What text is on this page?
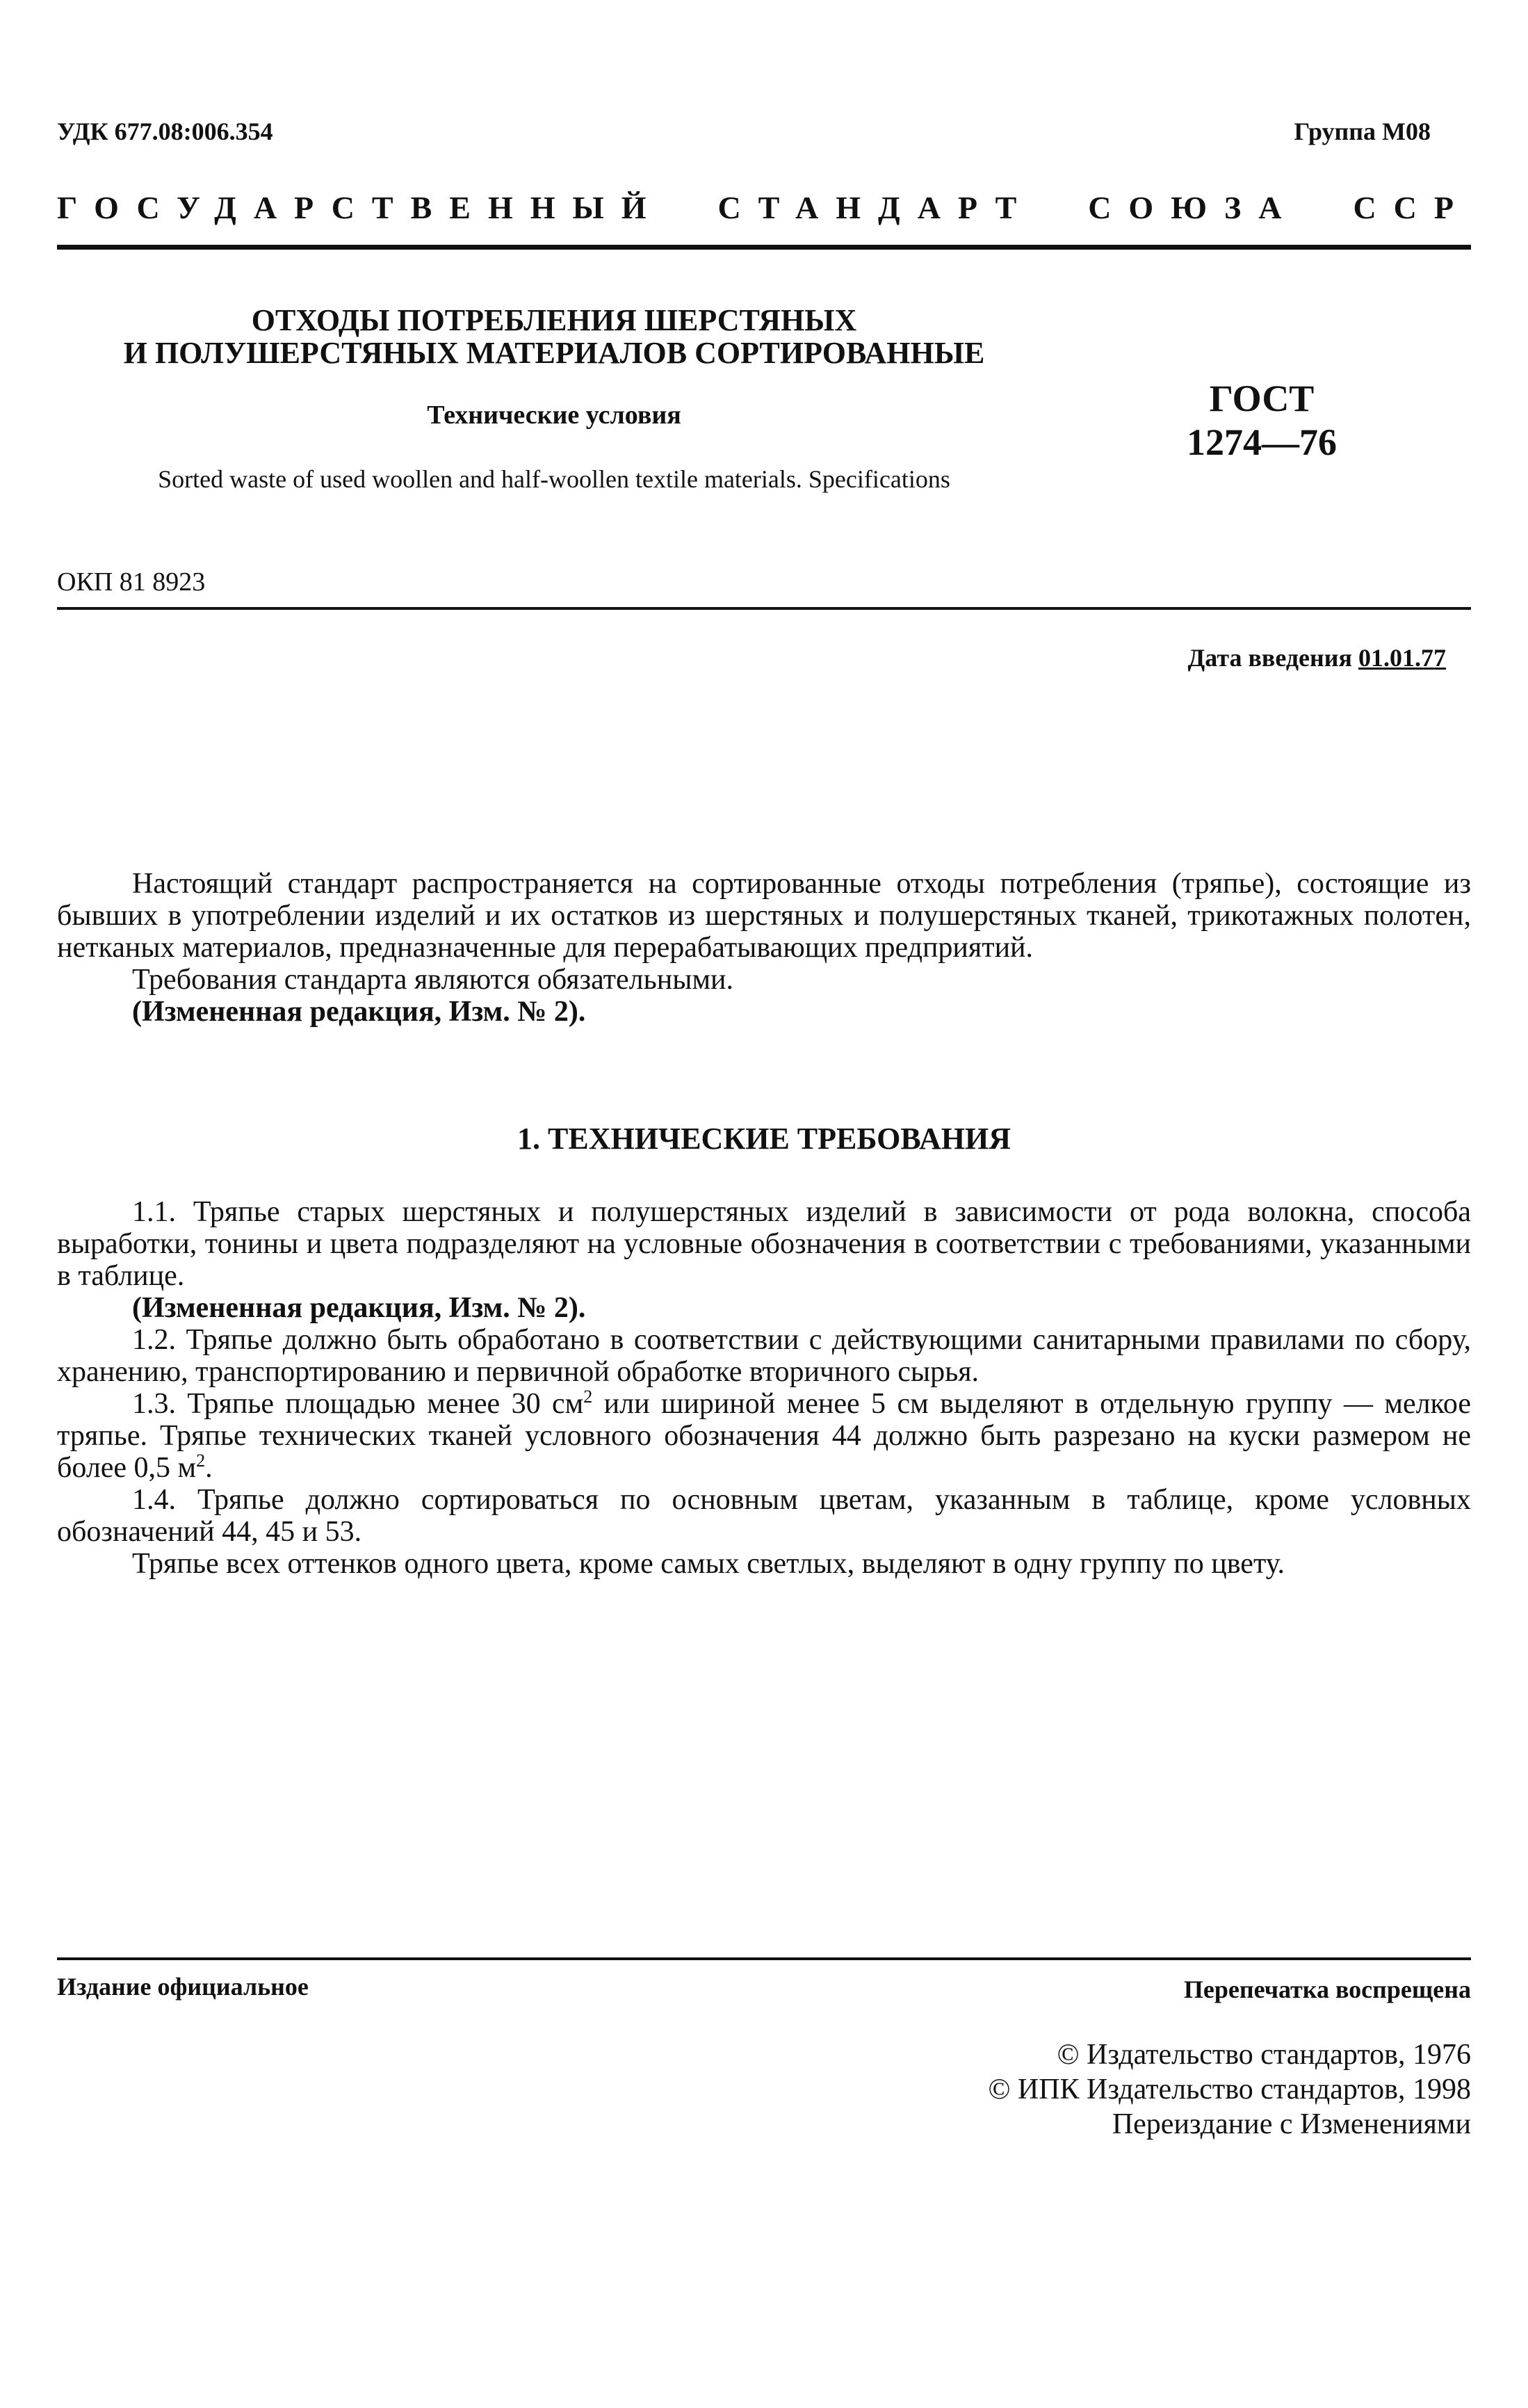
УДК 677.08:006.354	Группа М08
ГОСУДАРСТВЕННЫЙ СТАНДАРТ СОЮЗА ССР
ОТХОДЫ ПОТРЕБЛЕНИЯ ШЕРСТЯНЫХ
И ПОЛУШЕРСТЯНЫХ МАТЕРИАЛОВ СОРТИРОВАННЫЕ
Технические условия
Sorted waste of used woollen and half-woollen textile materials. Specifications
ГОСТ
1274—76
ОКП 81 8923
Дата введения 01.01.77

Настоящий стандарт распространяется на сортированные отходы потребления (тряпье), состоящие из бывших в употреблении изделий и их остатков из шерстяных и полушерстяных тканей, трикотажных полотен, нетканых материалов, предназначенные для перерабатывающих предприятий.

Требования стандарта являются обязательными.

(Измененная редакция, Изм. № 2).

1. ТЕХНИЧЕСКИЕ ТРЕБОВАНИЯ

1.1. Тряпье старых шерстяных и полушерстяных изделий в зависимости от рода волокна, способа выработки, тонины и цвета подразделяют на условные обозначения в соответствии с требованиями, указанными в таблице.

(Измененная редакция, Изм. № 2).

1.2. Тряпье должно быть обработано в соответствии с действующими санитарными правилами по сбору, хранению, транспортированию и первичной обработке вторичного сырья.

1.3. Тряпье площадью менее 30 $см^2$ или шириной менее 5 см выделяют в отдельную группу — мелкое тряпье. Тряпье технических тканей условного обозначения 44 должно быть разрезано на куски размером не более 0,5 $м^2$.

1.4. Тряпье должно сортироваться по основным цветам, указанным в таблице, кроме условных обозначений 44, 45 и 53.

Тряпье всех оттенков одного цвета, кроме самых светлых, выделяют в одну группу по цвету.

Издание официальное	Перепечатка воспрещена
© Издательство стандартов, 1976
© ИПК Издательство стандартов, 1998
Переиздание с Изменениями
